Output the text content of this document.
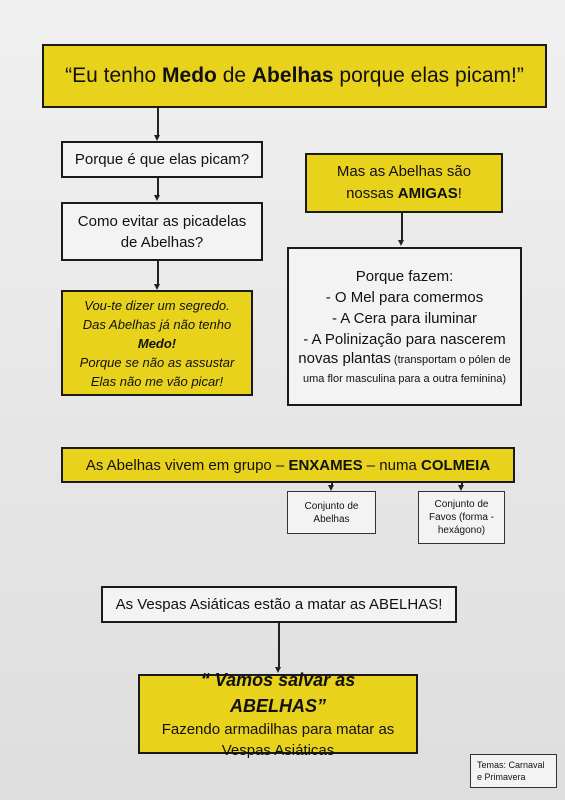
“Eu tenho Medo de Abelhas porque elas picam!”
Porque é que elas picam?
Como evitar as picadelas de Abelhas?
Vou-te dizer um segredo.
Das Abelhas já não tenho
Medo!
Porque se não as assustar
Elas não me vão picar!
Mas as Abelhas são
nossas AMIGAS!
Porque fazem:
- O Mel para comermos
- A Cera para iluminar
- A Polinização para nascerem
novas plantas (transportam o pólen de uma flor masculina para a outra feminina)
As Abelhas vivem em grupo – ENXAMES – numa COLMEIA
Conjunto de Abelhas
Conjunto de Favos (forma - hexágono)
As Vespas Asiáticas estão a matar as ABELHAS!
“ Vamos salvar as ABELHAS”
Fazendo armadilhas para matar as Vespas Asiáticas
Temas: Carnaval e Primavera
